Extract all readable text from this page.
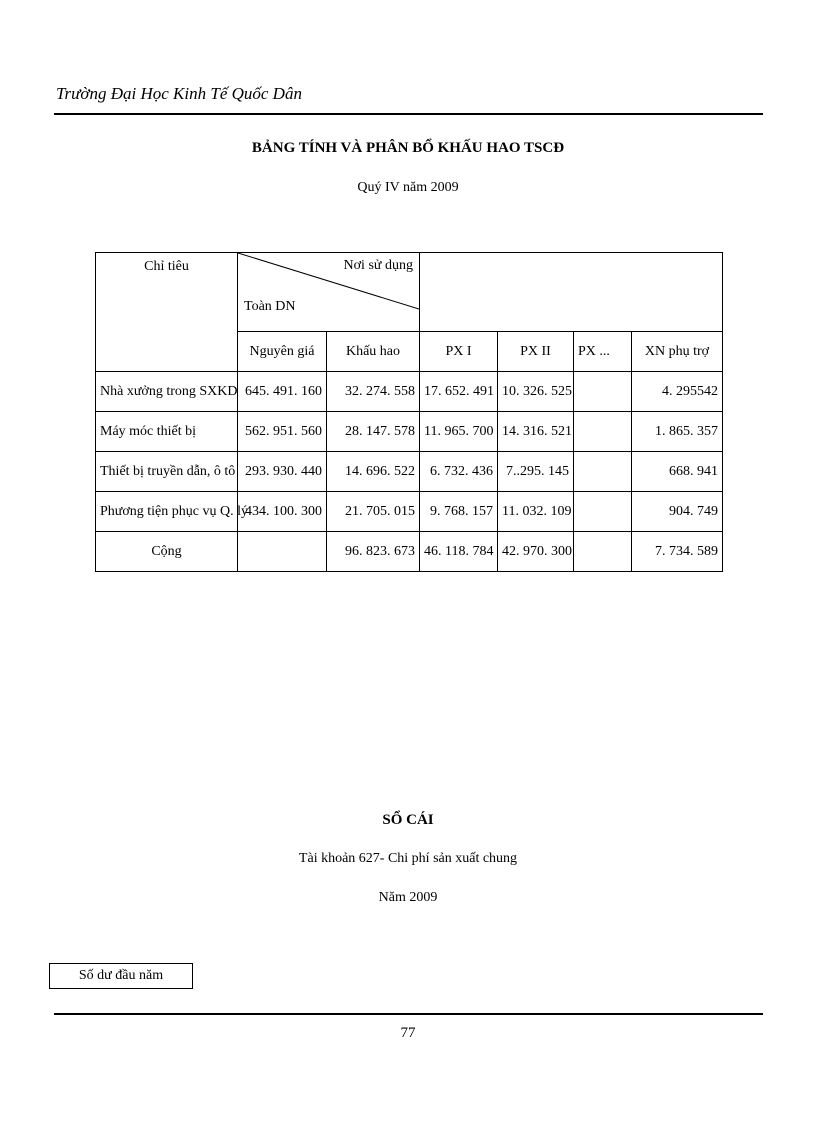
Trường Đại Học Kinh Tế Quốc Dân
BẢNG TÍNH VÀ PHÂN BỔ KHẤU HAO TSCĐ
Quý IV năm 2009
Chỉ tiêu	Nơi sử dụng
Toàn DN					

	Nguyên giá	Khấu hao	PX I	PX II	PX ...	XN phụ trợ
Nhà xưởng trong SXKD	645. 491. 160	32. 274. 558	17. 652. 491	10. 326. 525		4. 295542
Máy móc thiết bị	562. 951. 560	28. 147. 578	11. 965. 700	14. 316. 521		1. 865. 357
Thiết bị truyền dẫn, ô tô	293. 930. 440	14. 696. 522	6. 732. 436	7..295. 145		668. 941
Phương tiện phục vụ Q. lý	434. 100. 300	21. 705. 015	9. 768. 157	11. 032. 109		904. 749
Cộng		96. 823. 673	46. 118. 784	42. 970. 300		7. 734. 589
SỔ CÁI
Tài khoản 627- Chi phí sản xuất chung
Năm 2009
Số dư đầu năm
77
